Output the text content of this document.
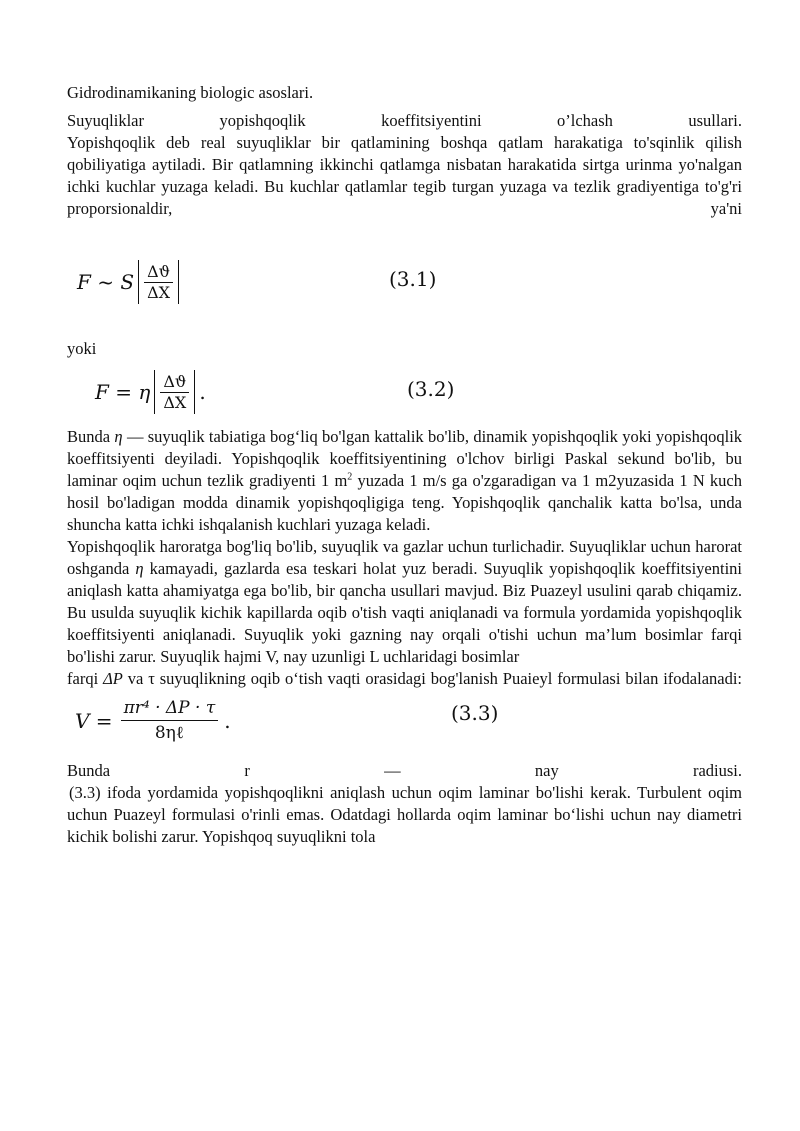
Gidrodinamikaning biologic asoslari.

Suyuqliklar yopishqoqlik koeffitsiyentini o’lchash usullari.

Yopishqoqlik deb real suyuqliklar bir qatlamining boshqa qatlam harakatiga to'sqinlik qilish qobiliyatiga aytiladi. Bir qatlamning ikkinchi qatlamga nisbatan harakatida sirtga urinma yo'nalgan ichki kuchlar yuzaga keladi. Bu kuchlar qatlamlar tegib turgan yuzaga va tezlik gradiyentiga to'g'ri proporsionaldir, ya'ni

F ~ S $\frac{\Delta ϑ}{\Delta X}$	(3.1)

yoki

F = η $\frac{\Delta ϑ}{\Delta X}$ .	(3.2)

Bunda η — suyuqlik tabiatiga bog‘liq bo'lgan kattalik bo'lib, dinamik yopishqoqlik yoki yopishqoqlik koeffitsiyenti deyiladi. Yopishqoqlik koeffitsiyentining o'lchov birligi Paskal sekund bo'lib, bu laminar oqim uchun tezlik gradiyenti 1 $m^2$ yuzada 1 m/s ga o'zgaradigan va 1 m2yuzasida 1 N kuch hosil bo'ladigan modda dinamik yopishqoqligiga teng. Yopishqoqlik qanchalik katta bo'lsa, unda shuncha katta ichki ishqalanish kuchlari yuzaga keladi.

Yopishqoqlik haroratga bog'liq bo'lib, suyuqlik va gazlar uchun turlichadir. Suyuqliklar uchun harorat oshganda η kamayadi, gazlarda esa teskari holat yuz beradi. Suyuqlik yopishqoqlik koeffitsiyentini aniqlash katta ahamiyatga ega bo'lib, bir qancha usullari mavjud. Biz Puazeyl usulini qarab chiqamiz. Bu usulda suyuqlik kichik kapillarda oqib o'tish vaqti aniqlanadi va formula yordamida yopishqoqlik koeffitsiyenti aniqlanadi. Suyuqlik yoki gazning nay orqali o'tishi uchun ma’lum bosimlar farqi bo'lishi zarur. Suyuqlik hajmi V, nay uzunligi L uchlaridagi bosimlar

farqi ΔP va τ suyuqlikning oqib o‘tish vaqti orasidagi bog'lanish Puaieyl formulasi bilan ifodalanadi:

$V = \frac{\text{πr⁴ · ΔP · τ}}{\text{8ηℓ}}$ .	(3.3)

Bunda r — nay radiusi.

(3.3) ifoda yordamida yopishqoqlikni aniqlash uchun oqim laminar bo'lishi kerak. Turbulent oqim uchun Puazeyl formulasi o'rinli emas. Odatdagi hollarda oqim laminar bo‘lishi uchun nay diametri kichik bolishi zarur. Yopishqoq suyuqlikni tola
